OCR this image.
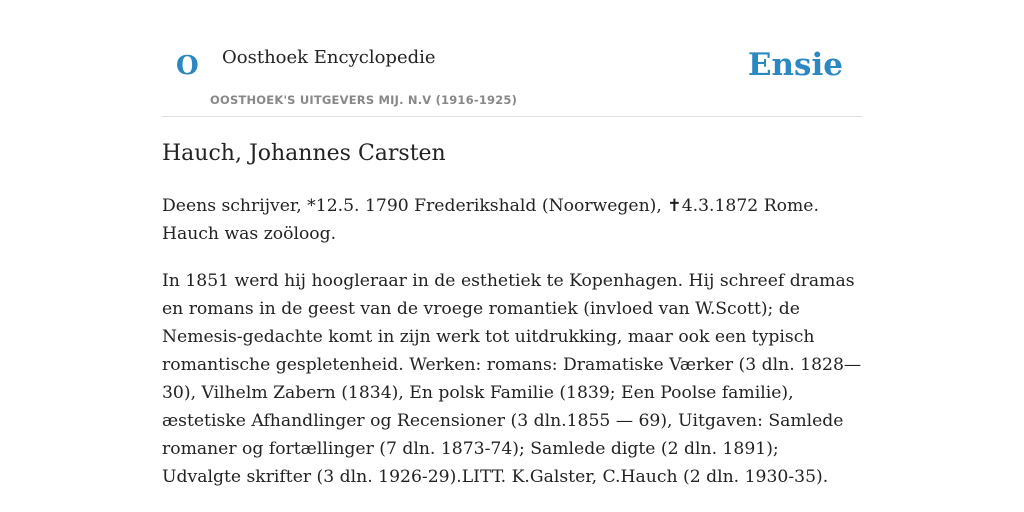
O Oosthoek Encyclopedie
OOSTHOEK'S UITGEVERS MIJ. N.V (1916-1925)
Ensie
Hauch, Johannes Carsten

Deens schrijver, *12.5. 1790 Frederikshald (Noorwegen), ✝4.3.1872 Rome. Hauch was zoöloog.

In 1851 werd hij hoogleraar in de esthetiek te Kopenhagen. Hij schreef dramas en romans in de geest van de vroege romantiek (invloed van W.Scott); de Nemesis-gedachte komt in zijn werk tot uitdrukking, maar ook een typisch romantische gespletenheid. Werken: romans: Dramatiske Værker (3 dln. 1828—30), Vilhelm Zabern (1834), En polsk Familie (1839; Een Poolse familie), æstetiske Afhandlinger og Recensioner (3 dln.1855 — 69), Uitgaven: Samlede romaner og fortællinger (7 dln. 1873-74); Samlede digte (2 dln. 1891); Udvalgte skrifter (3 dln. 1926-29).LITT. K.Galster, C.Hauch (2 dln. 1930-35).
